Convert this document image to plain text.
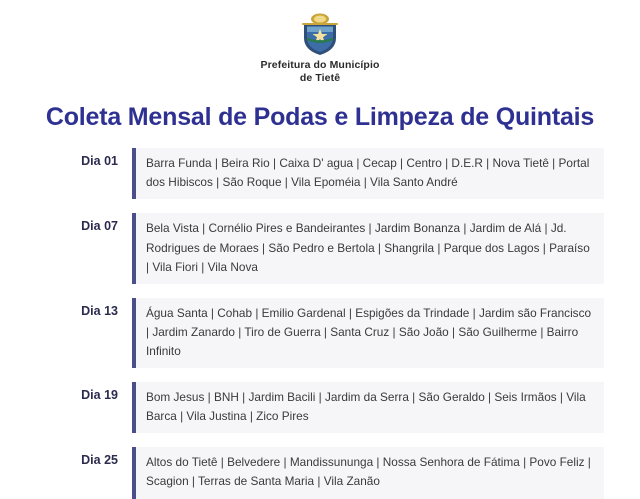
Prefeitura do Município
de Tietê
Coleta Mensal de Podas e Limpeza de Quintais
Dia 01	Barra Funda | Beira Rio | Caixa D' agua | Cecap | Centro | D.E.R | Nova Tietê | Portal dos Hibiscos | São Roque | Vila Epoméia | Vila Santo André
Dia 07	Bela Vista | Cornélio Pires e Bandeirantes | Jardim Bonanza | Jardim de Alá | Jd. Rodrigues de Moraes | São Pedro e Bertola | Shangrila | Parque dos Lagos | Paraíso | Vila Fiori | Vila Nova
Dia 13	Água Santa | Cohab | Emilio Gardenal | Espigões da Trindade | Jardim são Francisco | Jardim Zanardo | Tiro de Guerra | Santa Cruz | São João | São Guilherme | Bairro Infinito
Dia 19	Bom Jesus | BNH | Jardim Bacili | Jardim da Serra | São Geraldo | Seis Irmãos | Vila Barca | Vila Justina | Zico Pires
Dia 25	Altos do Tietê | Belvedere | Mandissununga | Nossa Senhora de Fátima | Povo Feliz | Scagion | Terras de Santa Maria | Vila Zanão
